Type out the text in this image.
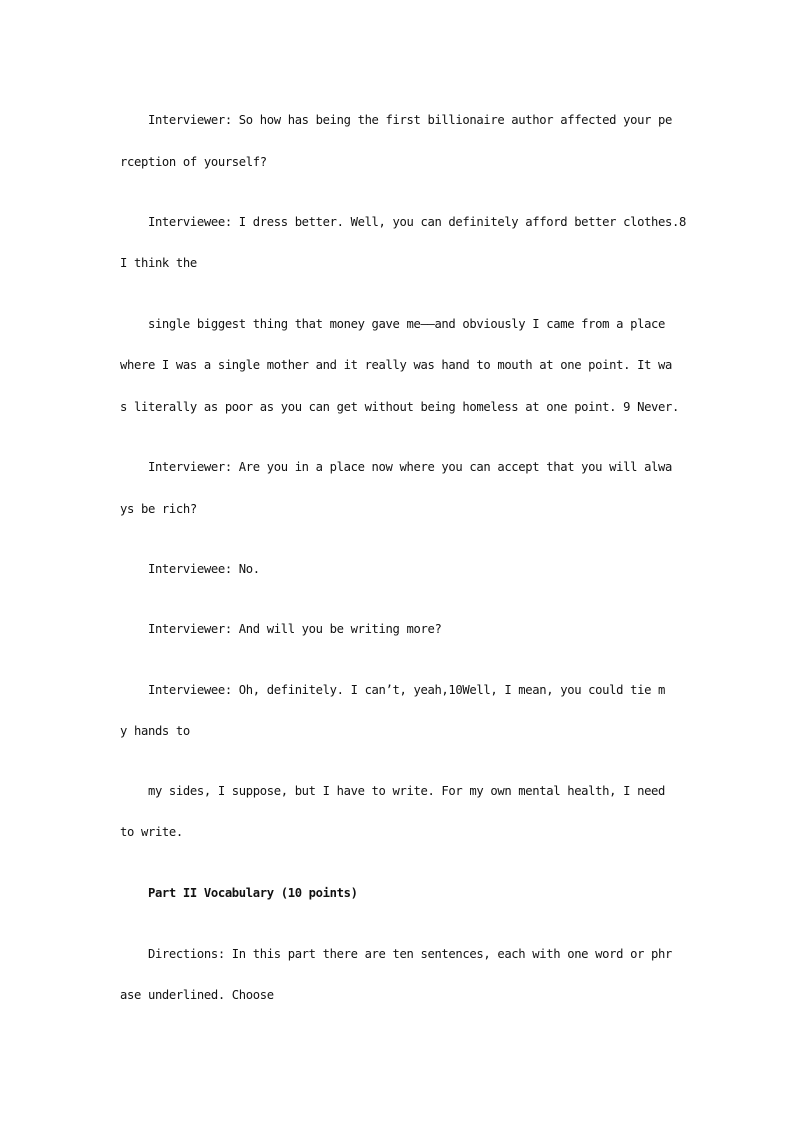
Interviewer: So how has being the first billionaire author affected your pe
rception of yourself?
Interviewee: I dress better. Well, you can definitely afford better clothes.8
I think the
single biggest thing that money gave me——and obviously I came from a place
where I was a single mother and it really was hand to mouth at one point. It wa
s literally as poor as you can get without being homeless at one point. 9 Never.
Interviewer: Are you in a place now where you can accept that you will alwa
ys be rich?
Interviewee: No.
Interviewer: And will you be writing more?
Interviewee: Oh, definitely. I can’t, yeah,10Well, I mean, you could tie m
y hands to
my sides, I suppose, but I have to write. For my own mental health, I need
to write.
Part II Vocabulary (10 points)
Directions: In this part there are ten sentences, each with one word or phr
ase underlined. Choose
